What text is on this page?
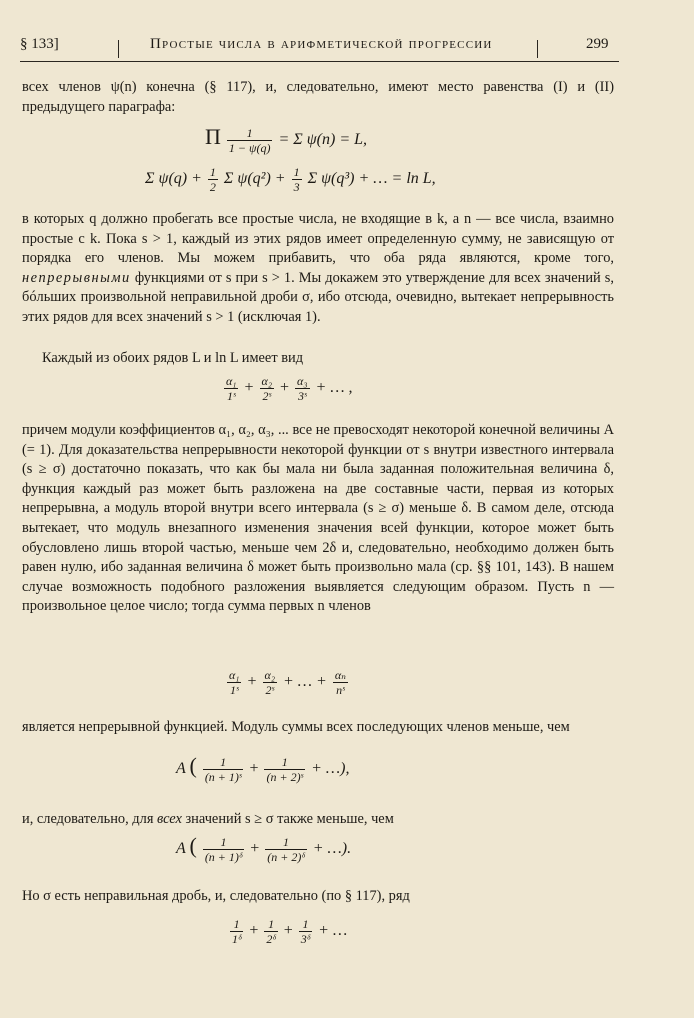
§ 133]	Простые числа в арифметической прогрессии	299
всех членов ψ(n) конечна (§ 117), и, следовательно, имеют место равенства (I) и (II) предыдущего параграфа:
Π $\frac{1}{1 - \psi(q)} = \Sigma$ ψ(n) = L,
Σ $\psi(q) + \frac{1}{2}$ Σ $\psi(q^2) + \frac{1}{3}$ Σ ψ(q³) + … = ln L,
в которых q должно пробегать все простые числа, не входящие в k, а n — все числа, взаимно простые с k. Пока s > 1, каждый из этих рядов имеет определенную сумму, не зависящую от порядка его членов. Мы можем прибавить, что оба ряда являются, кроме того, непрерывными функциями от s при s > 1. Мы докажем это утверждение для всех значений s, бóльших произвольной неправильной дроби σ, ибо отсюда, очевидно, вытекает непрерывность этих рядов для всех значений s > 1 (исключая 1).
Каждый из обоих рядов L и ln L имеет вид
$\frac{\text{α₁}}{\text{1ˢ}} + \frac{\text{α₂}}{\text{2ˢ}} + \frac{\text{α₃}}{\text{3ˢ}}$ + … ,
причем модули коэффициентов α₁, α₂, α₃, ... все не превосходят некоторой конечной величины A (= 1). Для доказательства непрерывности некоторой функции от s внутри известного интервала (s ≥ σ) достаточно показать, что как бы мала ни была заданная положительная величина δ, функция каждый раз может быть разложена на две составные части, первая из которых непрерывна, а модуль второй внутри всего интервала (s ≥ σ) меньше δ. В самом деле, отсюда вытекает, что модуль внезапного изменения значения всей функции, которое может быть обусловлено лишь второй частью, меньше чем 2δ и, следовательно, необходимо должен быть равен нулю, ибо заданная величина δ может быть произвольно мала (ср. §§ 101, 143). В нашем случае возможность подобного разложения выявляется следующим образом. Пусть n — произвольное целое число; тогда сумма первых n членов
$\frac{\text{α₁}}{\text{1ˢ}} + \frac{\text{α₂}}{\text{2ˢ}}$ + … + $\frac{\text{αₙ}}{\text{nˢ}}$
является непрерывной функцией. Модуль суммы всех последующих членов меньше, чем
A ( $\frac{1}{\text{(n + 1)ˢ}} + \frac{1}{\text{(n + 2)ˢ}}$ + …),
и, следовательно, для всех значений s ≥ σ также меньше, чем
A ( $\frac{1}{\text{(n + 1)ᵟ}} + \frac{1}{\text{(n + 2)ᵟ}}$ + …).
Но σ есть неправильная дробь, и, следовательно (по § 117), ряд
$\frac{1}{\text{1ᵟ}} + \frac{1}{\text{2ᵟ}} + \frac{1}{\text{3ᵟ}}$ + …
